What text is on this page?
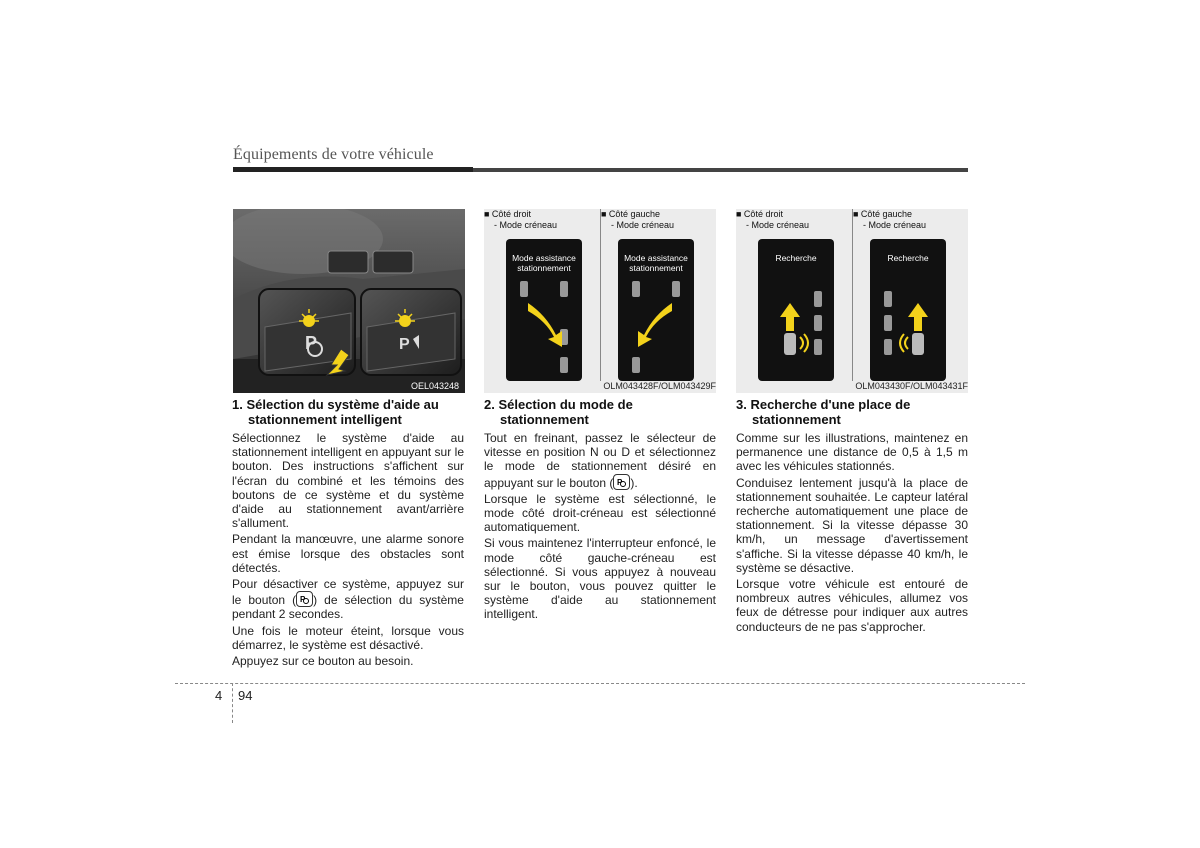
Équipements de votre véhicule
P	P
OEL043248
■ Côté droit
- Mode créneau
■ Côté gauche
- Mode créneau
Mode assistance
stationnement
Mode assistance
stationnement
OLM043428F/OLM043429F
■ Côté droit
- Mode créneau
■ Côté gauche
- Mode créneau
Recherche	Recherche
OLM043430F/OLM043431F
1. Sélection du système d'aide au
stationnement intelligent

Sélectionnez le système d'aide au stationnement intelligent en appuyant sur le bouton. Des instructions s'affichent sur l'écran du combiné et les témoins des boutons de ce système et du système d'aide au stationnement avant/arrière s'allument.

Pendant la manœuvre, une alarme sonore est émise lorsque des obstacles sont détectés.

Pour désactiver ce système, appuyez sur le bouton ( P ) de sélection du système pendant 2 secondes.

Une fois le moteur éteint, lorsque vous démarrez, le système est désactivé.

Appuyez sur ce bouton au besoin.

2. Sélection du mode de
stationnement

Tout en freinant, passez le sélecteur de vitesse en position N ou D et sélectionnez le mode de stationnement désiré en appuyant sur le bouton ( P ).

Lorsque le système est sélectionné, le mode côté droit-créneau est sélectionné automatiquement.

Si vous maintenez l'interrupteur enfoncé, le mode côté gauche-créneau est sélectionné. Si vous appuyez à nouveau sur le bouton, vous pouvez quitter le système d'aide au stationnement intelligent.

3. Recherche d'une place de
stationnement

Comme sur les illustrations, maintenez en permanence une distance de 0,5 à 1,5 m avec les véhicules stationnés.

Conduisez lentement jusqu'à la place de stationnement souhaitée. Le capteur latéral recherche automatiquement une place de stationnement. Si la vitesse dépasse 30 km/h, un message d'avertissement s'affiche. Si la vitesse dépasse 40 km/h, le système se désactive.

Lorsque votre véhicule est entouré de nombreux autres véhicules, allumez vos feux de détresse pour indiquer aux autres conducteurs de ne pas s'approcher.

4 94
